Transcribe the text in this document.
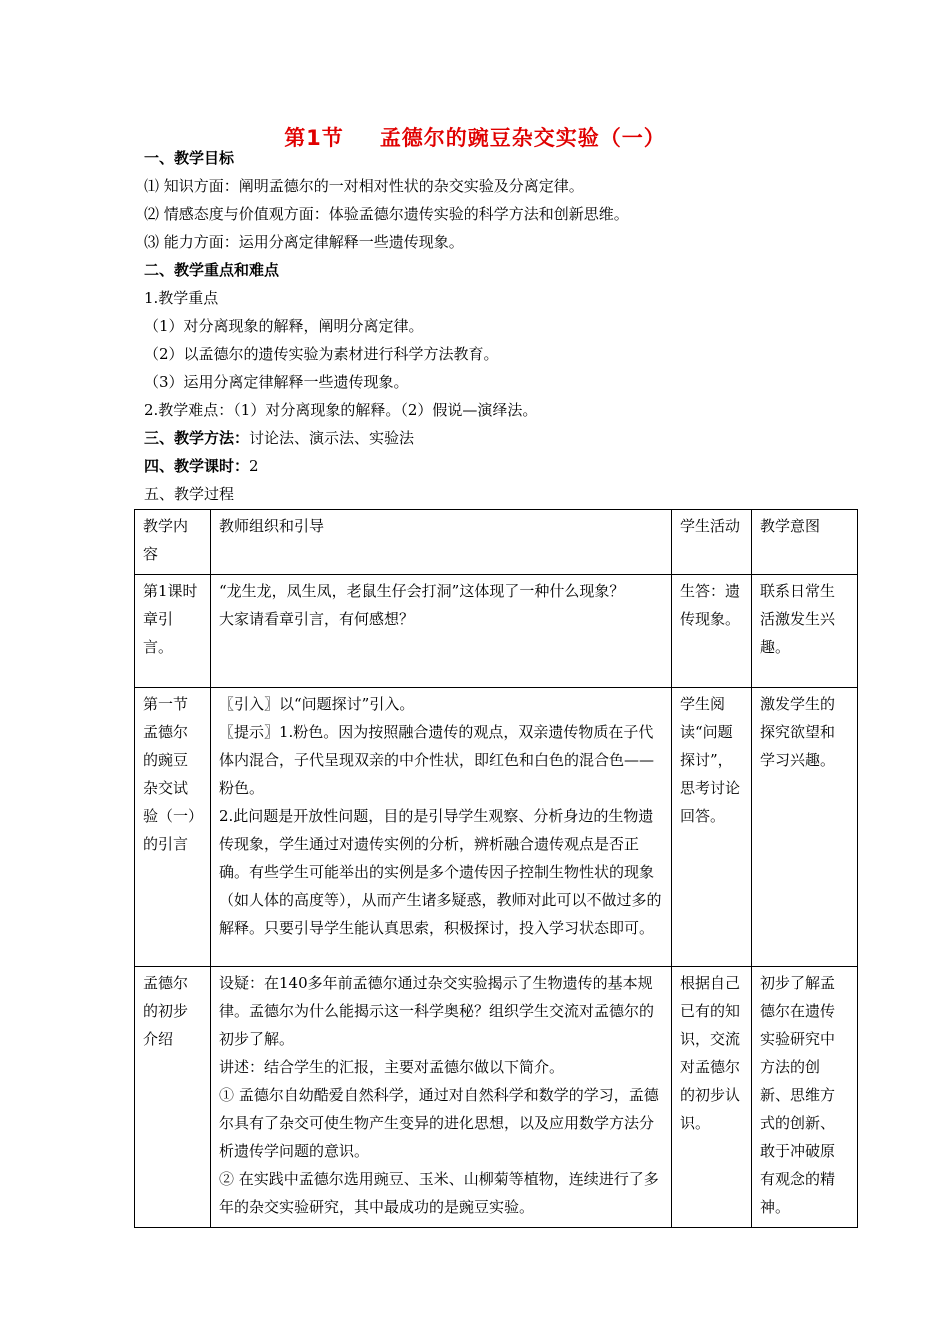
第1节 孟德尔的豌豆杂交实验（一）
一、教学目标
⑴ 知识方面：阐明孟德尔的一对相对性状的杂交实验及分离定律。
⑵ 情感态度与价值观方面：体验孟德尔遗传实验的科学方法和创新思维。
⑶ 能力方面：运用分离定律解释一些遗传现象。
二、教学重点和难点
1.教学重点
（1）对分离现象的解释，阐明分离定律。
（2）以孟德尔的遗传实验为素材进行科学方法教育。
（3）运用分离定律解释一些遗传现象。
2.教学难点：（1）对分离现象的解释。（2）假说—演绎法。
三、教学方法：讨论法、演示法、实验法
四、教学课时：2
五、教学过程
教学内容	教师组织和引导	学生活动	教学意图

第1课时
章引言。	“龙生龙，凤生凤，老鼠生仔会打洞”这体现了一种什么现象？
大家请看章引言，有何感想？	生答：遗传现象。	联系日常生活激发生兴趣。

第一节孟德尔的豌豆杂交试验（一）的引言	〖引入〗以“问题探讨”引入。
〖提示〗1.粉色。因为按照融合遗传的观点，双亲遗传物质在子代体内混合，子代呈现双亲的中介性状，即红色和白色的混合色——粉色。
2.此问题是开放性问题，目的是引导学生观察、分析身边的生物遗传现象，学生通过对遗传实例的分析，辨析融合遗传观点是否正确。有些学生可能举出的实例是多个遗传因子控制生物性状的现象（如人体的高度等），从而产生诸多疑惑，教师对此可以不做过多的解释。只要引导学生能认真思索，积极探讨，投入学习状态即可。	学生阅读“问题探讨”，思考讨论回答。	激发学生的探究欲望和学习兴趣。

孟德尔的初步介绍	设疑：在140多年前孟德尔通过杂交实验揭示了生物遗传的基本规律。孟德尔为什么能揭示这一科学奥秘？组织学生交流对孟德尔的初步了解。
讲述：结合学生的汇报，主要对孟德尔做以下简介。
① 孟德尔自幼酷爱自然科学，通过对自然科学和数学的学习，孟德尔具有了杂交可使生物产生变异的进化思想，以及应用数学方法分析遗传学问题的意识。
② 在实践中孟德尔选用豌豆、玉米、山柳菊等植物，连续进行了多年的杂交实验研究，其中最成功的是豌豆实验。	根据自己已有的知识，交流对孟德尔的初步认识。	初步了解孟德尔在遗传实验研究中方法的创新、思维方式的创新、敢于冲破原有观念的精神。
